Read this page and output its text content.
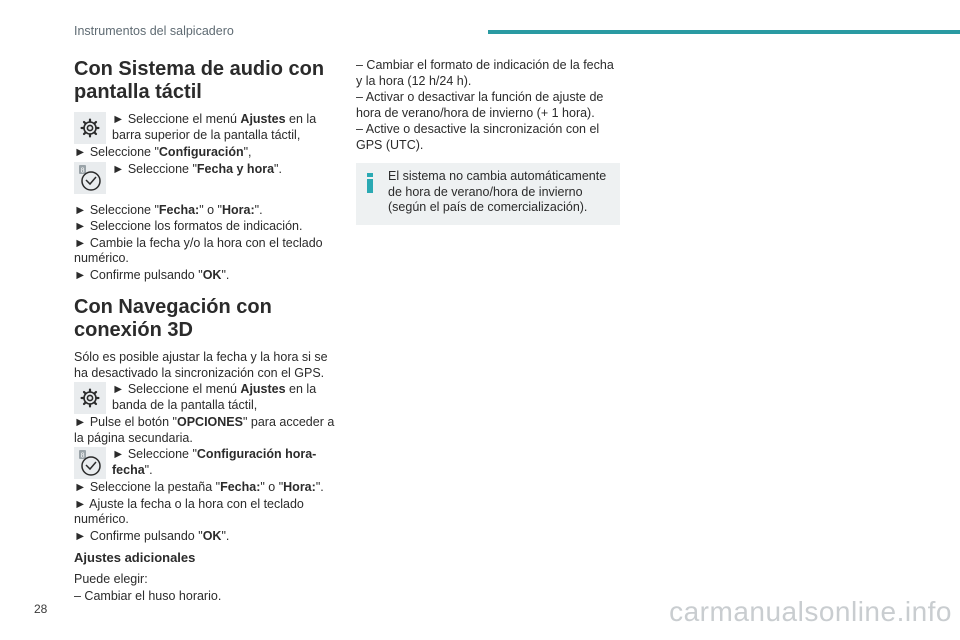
Instrumentos del salpicadero
Con Sistema de audio con pantalla táctil
► Seleccione el menú Ajustes en la barra superior de la pantalla táctil,

► Seleccione "Configuración",

8 ► Seleccione "Fecha y hora".

► Seleccione "Fecha:" o "Hora:".

► Seleccione los formatos de indicación.

► Cambie la fecha y/o la hora con el teclado numérico.

► Confirme pulsando "OK".

Con Navegación con conexión 3D

Sólo es posible ajustar la fecha y la hora si se ha desactivado la sincronización con el GPS.

► Seleccione el menú Ajustes en la banda de la pantalla táctil,

► Pulse el botón "OPCIONES" para acceder a la página secundaria.

8 ► Seleccione "Configuración hora-fecha".

► Seleccione la pestaña "Fecha:" o "Hora:".

► Ajuste la fecha o la hora con el teclado numérico.

► Confirme pulsando "OK".

Ajustes adicionales

Puede elegir:

– Cambiar el huso horario.

– Cambiar el formato de indicación de la fecha y la hora (12 h/24 h).

– Activar o desactivar la función de ajuste de hora de verano/hora de invierno (+ 1 hora).

– Active o desactive la sincronización con el GPS (UTC).

El sistema no cambia automáticamente de hora de verano/hora de invierno (según el país de comercialización).
28	carmanualsonline.info
